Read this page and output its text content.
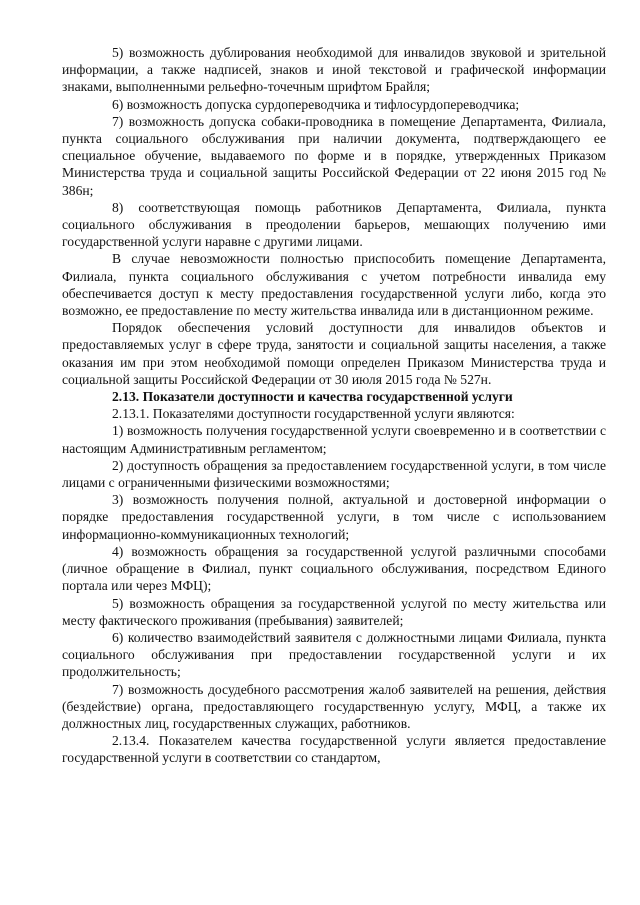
5) возможность дублирования необходимой для инвалидов звуковой и зрительной информации, а также надписей, знаков и иной текстовой и графической информации знаками, выполненными рельефно-точечным шрифтом Брайля;

6) возможность допуска сурдопереводчика и тифлосурдопереводчика;

7) возможность допуска собаки-проводника в помещение Департамента, Филиала, пункта социального обслуживания при наличии документа, подтверждающего ее специальное обучение, выдаваемого по форме и в порядке, утвержденных Приказом Министерства труда и социальной защиты Российской Федерации от 22 июня 2015 год № 386н;

8) соответствующая помощь работников Департамента, Филиала, пункта социального обслуживания в преодолении барьеров, мешающих получению ими государственной услуги наравне с другими лицами.

В случае невозможности полностью приспособить помещение Департамента, Филиала, пункта социального обслуживания с учетом потребности инвалида ему обеспечивается доступ к месту предоставления государственной услуги либо, когда это возможно, ее предоставление по месту жительства инвалида или в дистанционном режиме.

Порядок обеспечения условий доступности для инвалидов объектов и предоставляемых услуг в сфере труда, занятости и социальной защиты населения, а также оказания им при этом необходимой помощи определен Приказом Министерства труда и социальной защиты Российской Федерации от 30 июля 2015 года № 527н.

2.13. Показатели доступности и качества государственной услуги

2.13.1. Показателями доступности государственной услуги являются:

1) возможность получения государственной услуги своевременно и в соответствии с настоящим Административным регламентом;

2) доступность обращения за предоставлением государственной услуги, в том числе лицами с ограниченными физическими возможностями;

3) возможность получения полной, актуальной и достоверной информации о порядке предоставления государственной услуги, в том числе с использованием информационно-коммуникационных технологий;

4) возможность обращения за государственной услугой различными способами (личное обращение в Филиал, пункт социального обслуживания, посредством Единого портала или через МФЦ);

5) возможность обращения за государственной услугой по месту жительства или месту фактического проживания (пребывания) заявителей;

6) количество взаимодействий заявителя с должностными лицами Филиала, пункта социального обслуживания при предоставлении государственной услуги и их продолжительность;

7) возможность досудебного рассмотрения жалоб заявителей на решения, действия (бездействие) органа, предоставляющего государственную услугу, МФЦ, а также их должностных лиц, государственных служащих, работников.

2.13.4. Показателем качества государственной услуги является предоставление государственной услуги в соответствии со стандартом,
